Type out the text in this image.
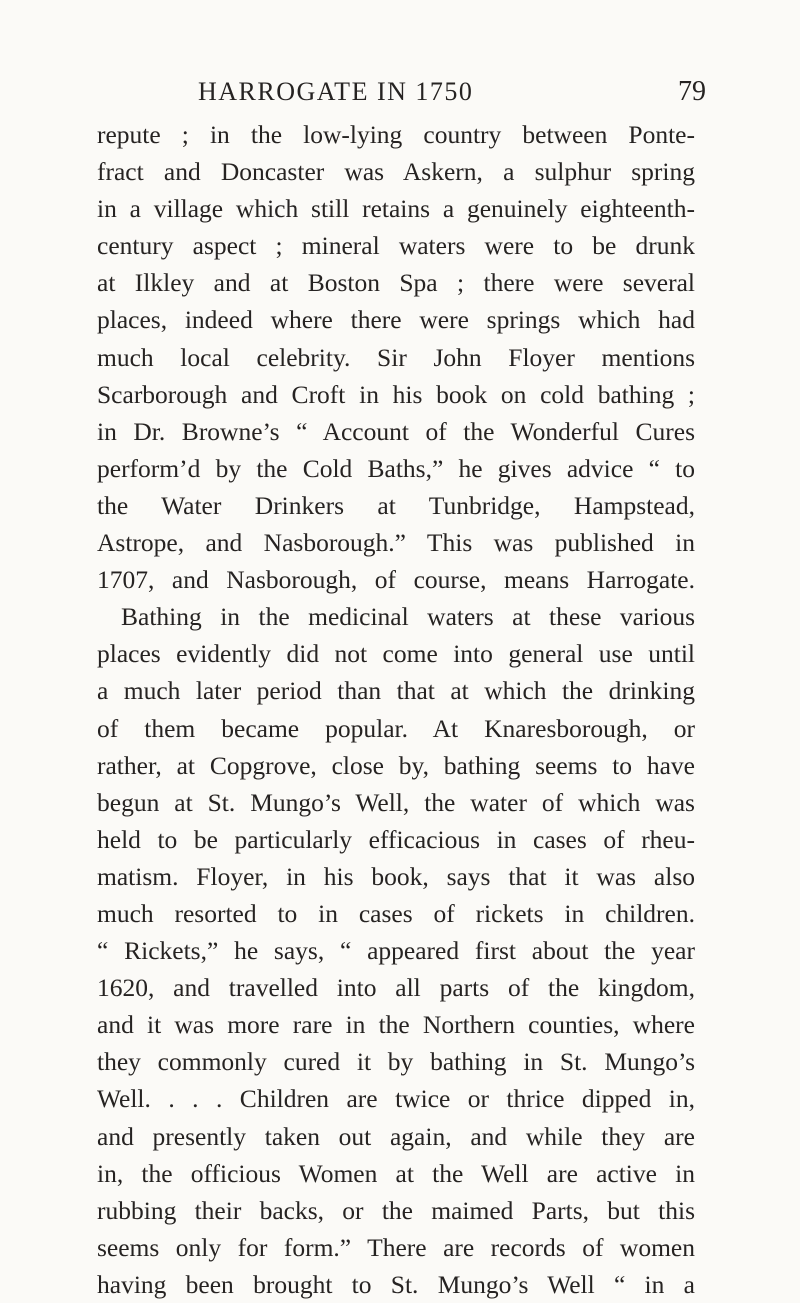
HARROGATE IN 1750	79
repute ; in the low-lying country between Ponte-
fract and Doncaster was Askern, a sulphur spring
in a village which still retains a genuinely eighteenth-
century aspect ; mineral waters were to be drunk
at Ilkley and at Boston Spa ; there were several
places, indeed where there were springs which had
much local celebrity. Sir John Floyer mentions
Scarborough and Croft in his book on cold bathing ;
in Dr. Browne’s “ Account of the Wonderful Cures
perform’d by the Cold Baths,” he gives advice “ to
the Water Drinkers at Tunbridge, Hampstead,
Astrope, and Nasborough.” This was published in
1707, and Nasborough, of course, means Harrogate.
Bathing in the medicinal waters at these various
places evidently did not come into general use until
a much later period than that at which the drinking
of them became popular. At Knaresborough, or
rather, at Copgrove, close by, bathing seems to have
begun at St. Mungo’s Well, the water of which was
held to be particularly efficacious in cases of rheu-
matism. Floyer, in his book, says that it was also
much resorted to in cases of rickets in children.
“ Rickets,” he says, “ appeared first about the year
1620, and travelled into all parts of the kingdom,
and it was more rare in the Northern counties, where
they commonly cured it by bathing in St. Mungo’s
Well. . . . Children are twice or thrice dipped in,
and presently taken out again, and while they are
in, the officious Women at the Well are active in
rubbing their backs, or the maimed Parts, but this
seems only for form.” There are records of women
having been brought to St. Mungo’s Well “ in a
